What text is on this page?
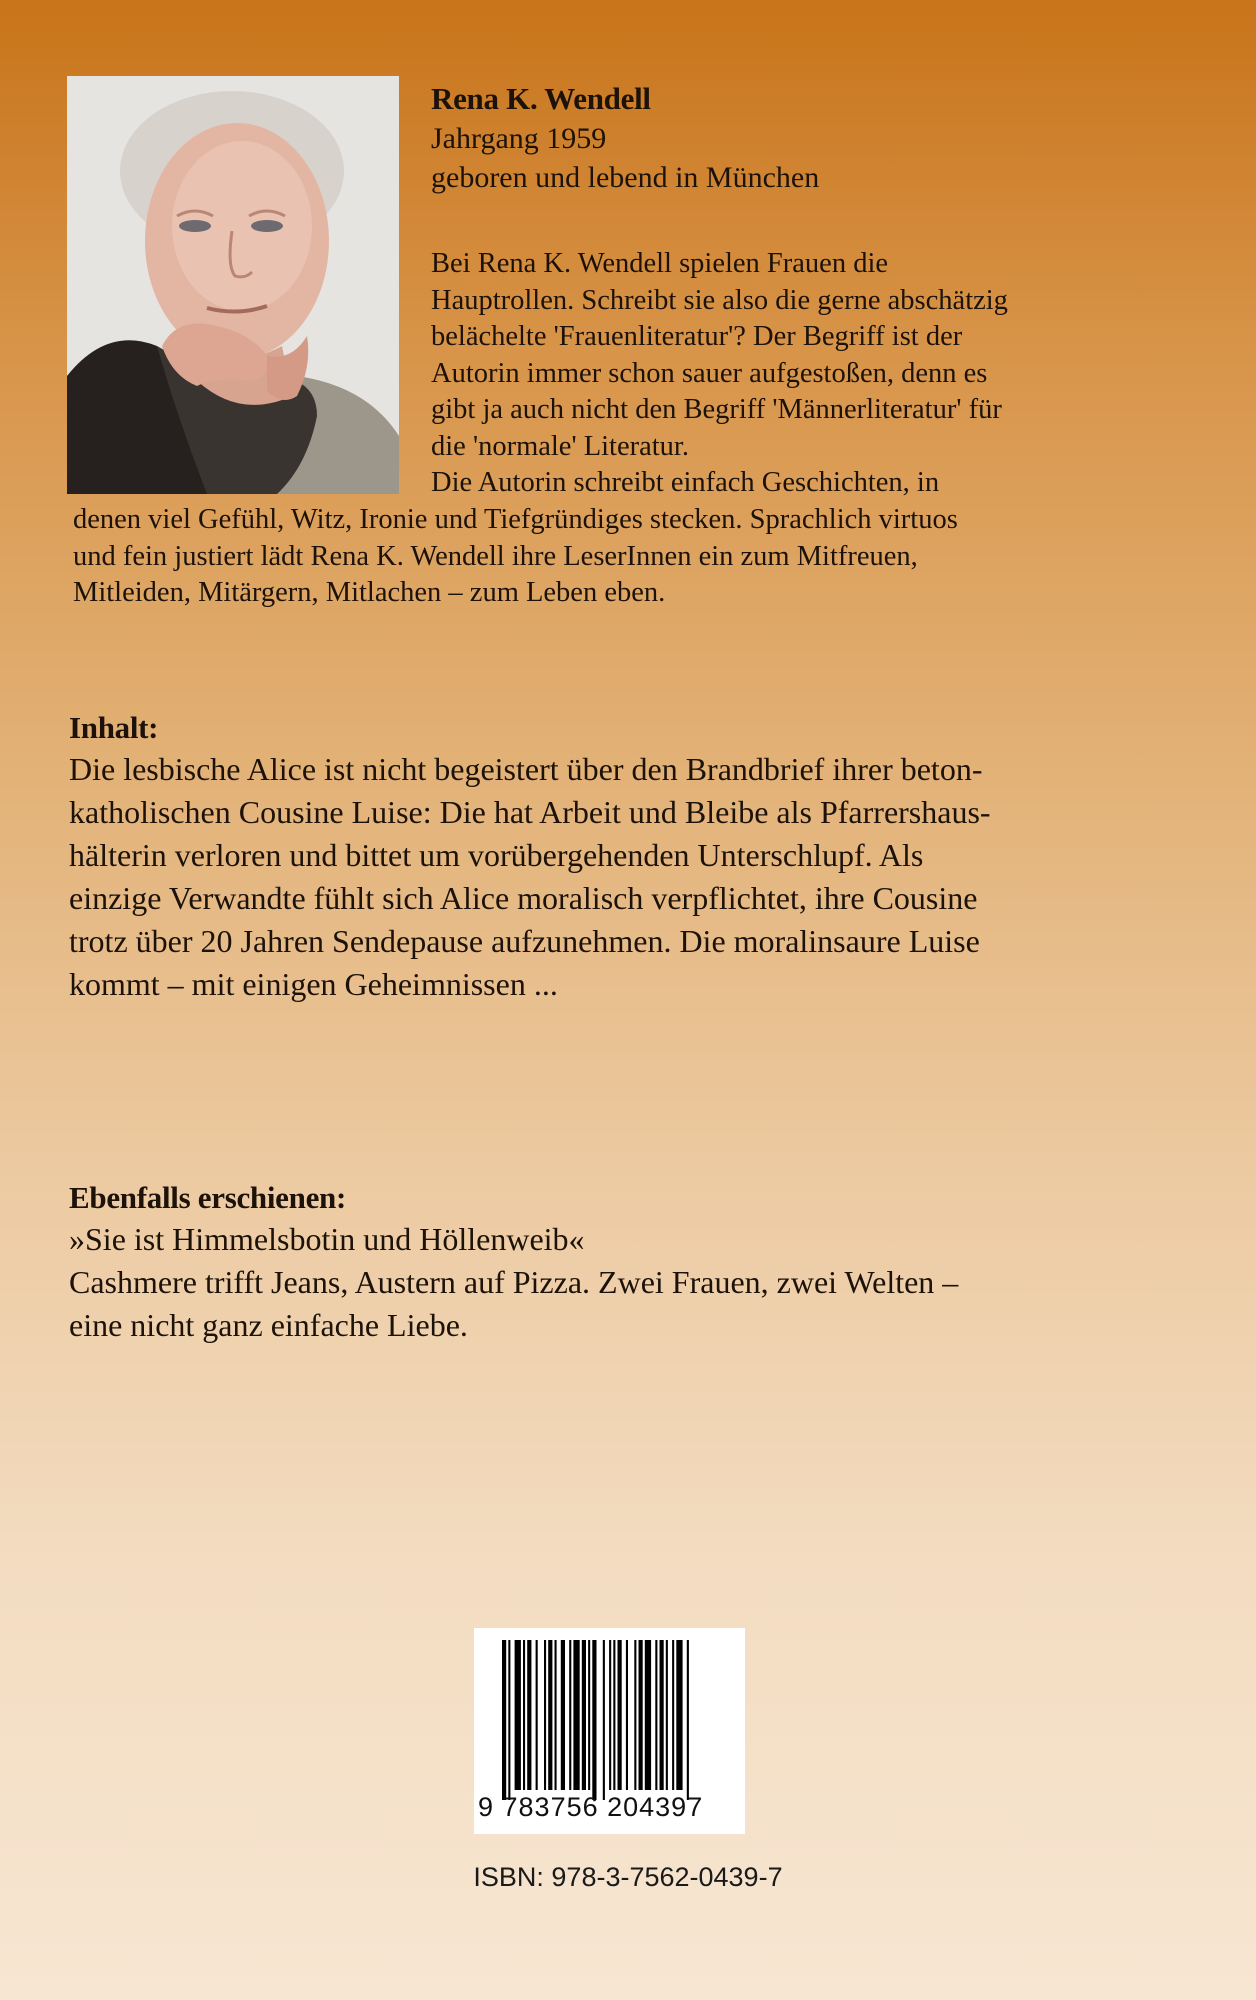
Rena K. Wendell
Jahrgang 1959
geboren und lebend in München

Bei Rena K. Wendell spielen Frauen die

Hauptrollen. Schreibt sie also die gerne abschätzig

belächelte 'Frauenliteratur'? Der Begriff ist der

Autorin immer schon sauer aufgestoßen, denn es

gibt ja auch nicht den Begriff 'Männerliteratur' für

die 'normale' Literatur.

Die Autorin schreibt einfach Geschichten, in

denen viel Gefühl, Witz, Ironie und Tiefgründiges stecken. Sprachlich virtuos

und fein justiert lädt Rena K. Wendell ihre LeserInnen ein zum Mitfreuen,

Mitleiden, Mitärgern, Mitlachen – zum Leben eben.

Inhalt:

Die lesbische Alice ist nicht begeistert über den Brandbrief ihrer beton-

katholischen Cousine Luise: Die hat Arbeit und Bleibe als Pfarrershaus-

hälterin verloren und bittet um vorübergehenden Unterschlupf. Als

einzige Verwandte fühlt sich Alice moralisch verpflichtet, ihre Cousine

trotz über 20 Jahren Sendepause aufzunehmen. Die moralinsaure Luise

kommt – mit einigen Geheimnissen ...

Ebenfalls erschienen:

»Sie ist Himmelsbotin und Höllenweib«

Cashmere trifft Jeans, Austern auf Pizza. Zwei Frauen, zwei Welten –

eine nicht ganz einfache Liebe.

9 783756 204397
ISBN: 978-3-7562-0439-7
